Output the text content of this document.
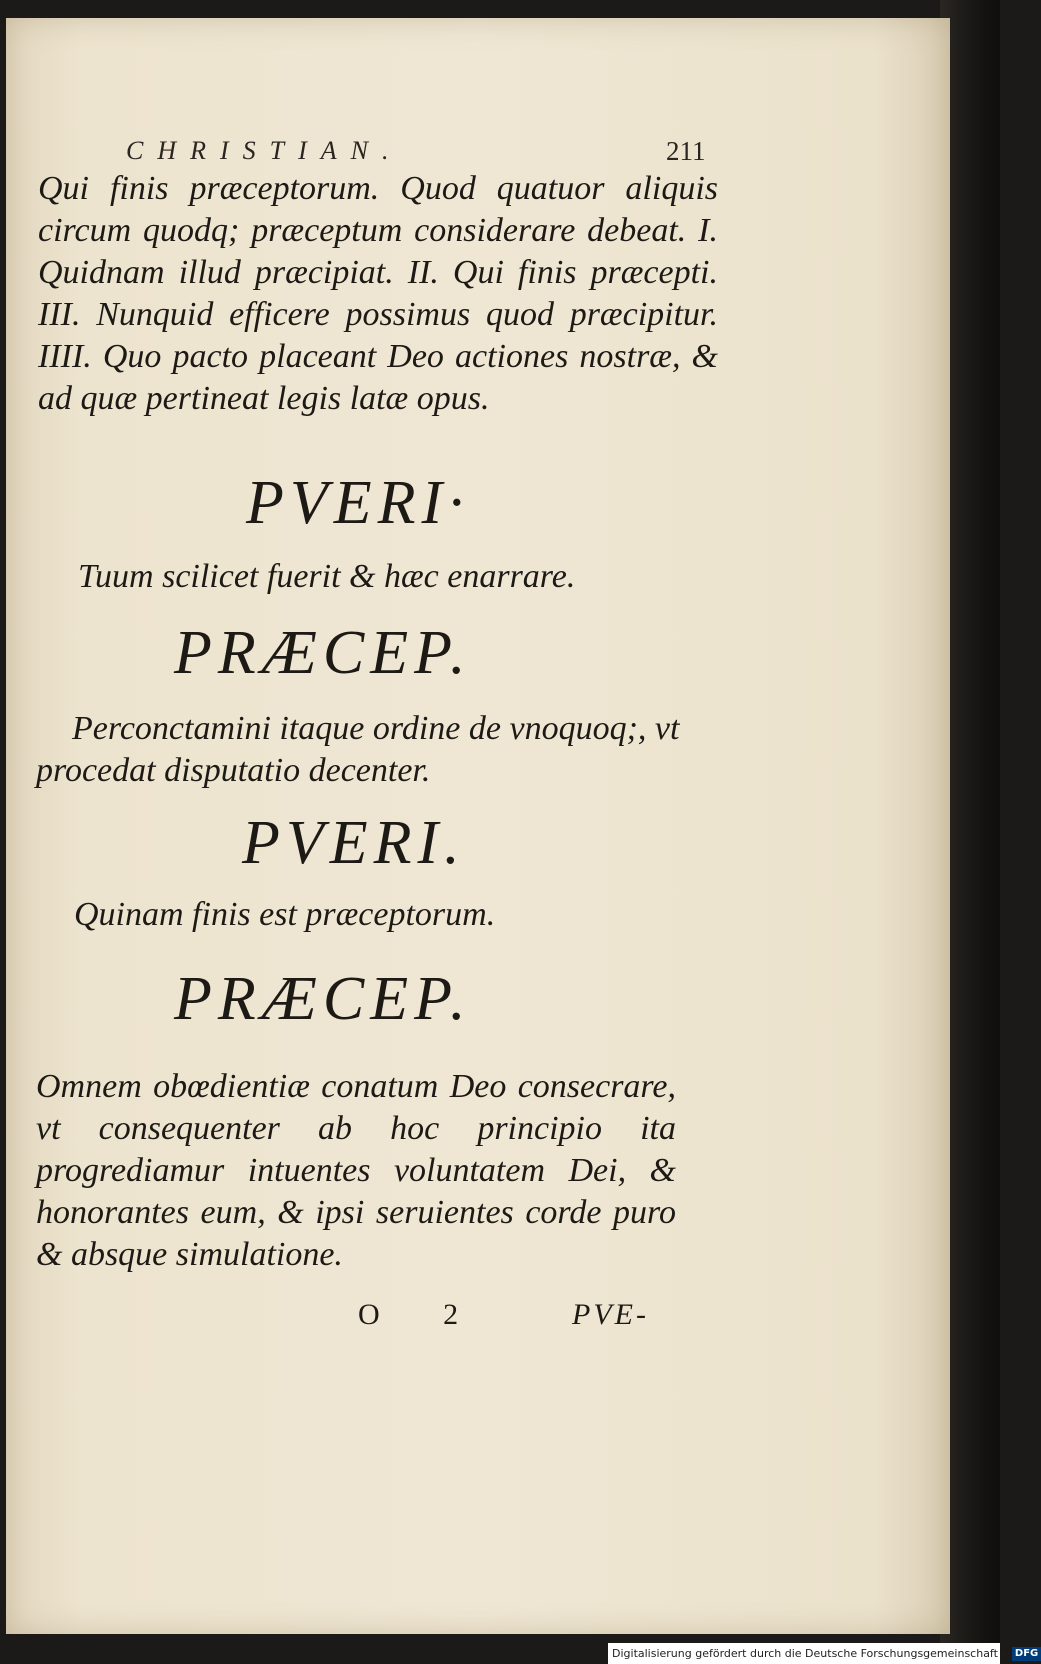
CHRISTIAN.	211
Qui finis præceptorum. Quod quatuor aliquis circum quodq; præceptum considerare debeat. I. Quidnam illud præcipiat. II. Qui finis præcepti. III. Nunquid efficere possimus quod præcipitur. IIII. Quo pacto placeant Deo actiones nostræ, & ad quæ pertineat legis latæ opus.
PVERI·
Tuum scilicet fuerit & hæc enarrare.
PRÆCEP.
Perconctamini itaque ordine de vnoquoq;, vt
procedat disputatio decenter.
PVERI.
Quinam finis est præceptorum.
PRÆCEP.
Omnem obœdientiæ conatum Deo consecrare, vt consequenter ab hoc principio ita progrediamur intuentes voluntatem Dei, & honorantes eum, & ipsi seruientes corde puro & absque simulatione.
O 2	PVE-
Digitalisierung gefördert durch die Deutsche Forschungsgemeinschaft - DFG
